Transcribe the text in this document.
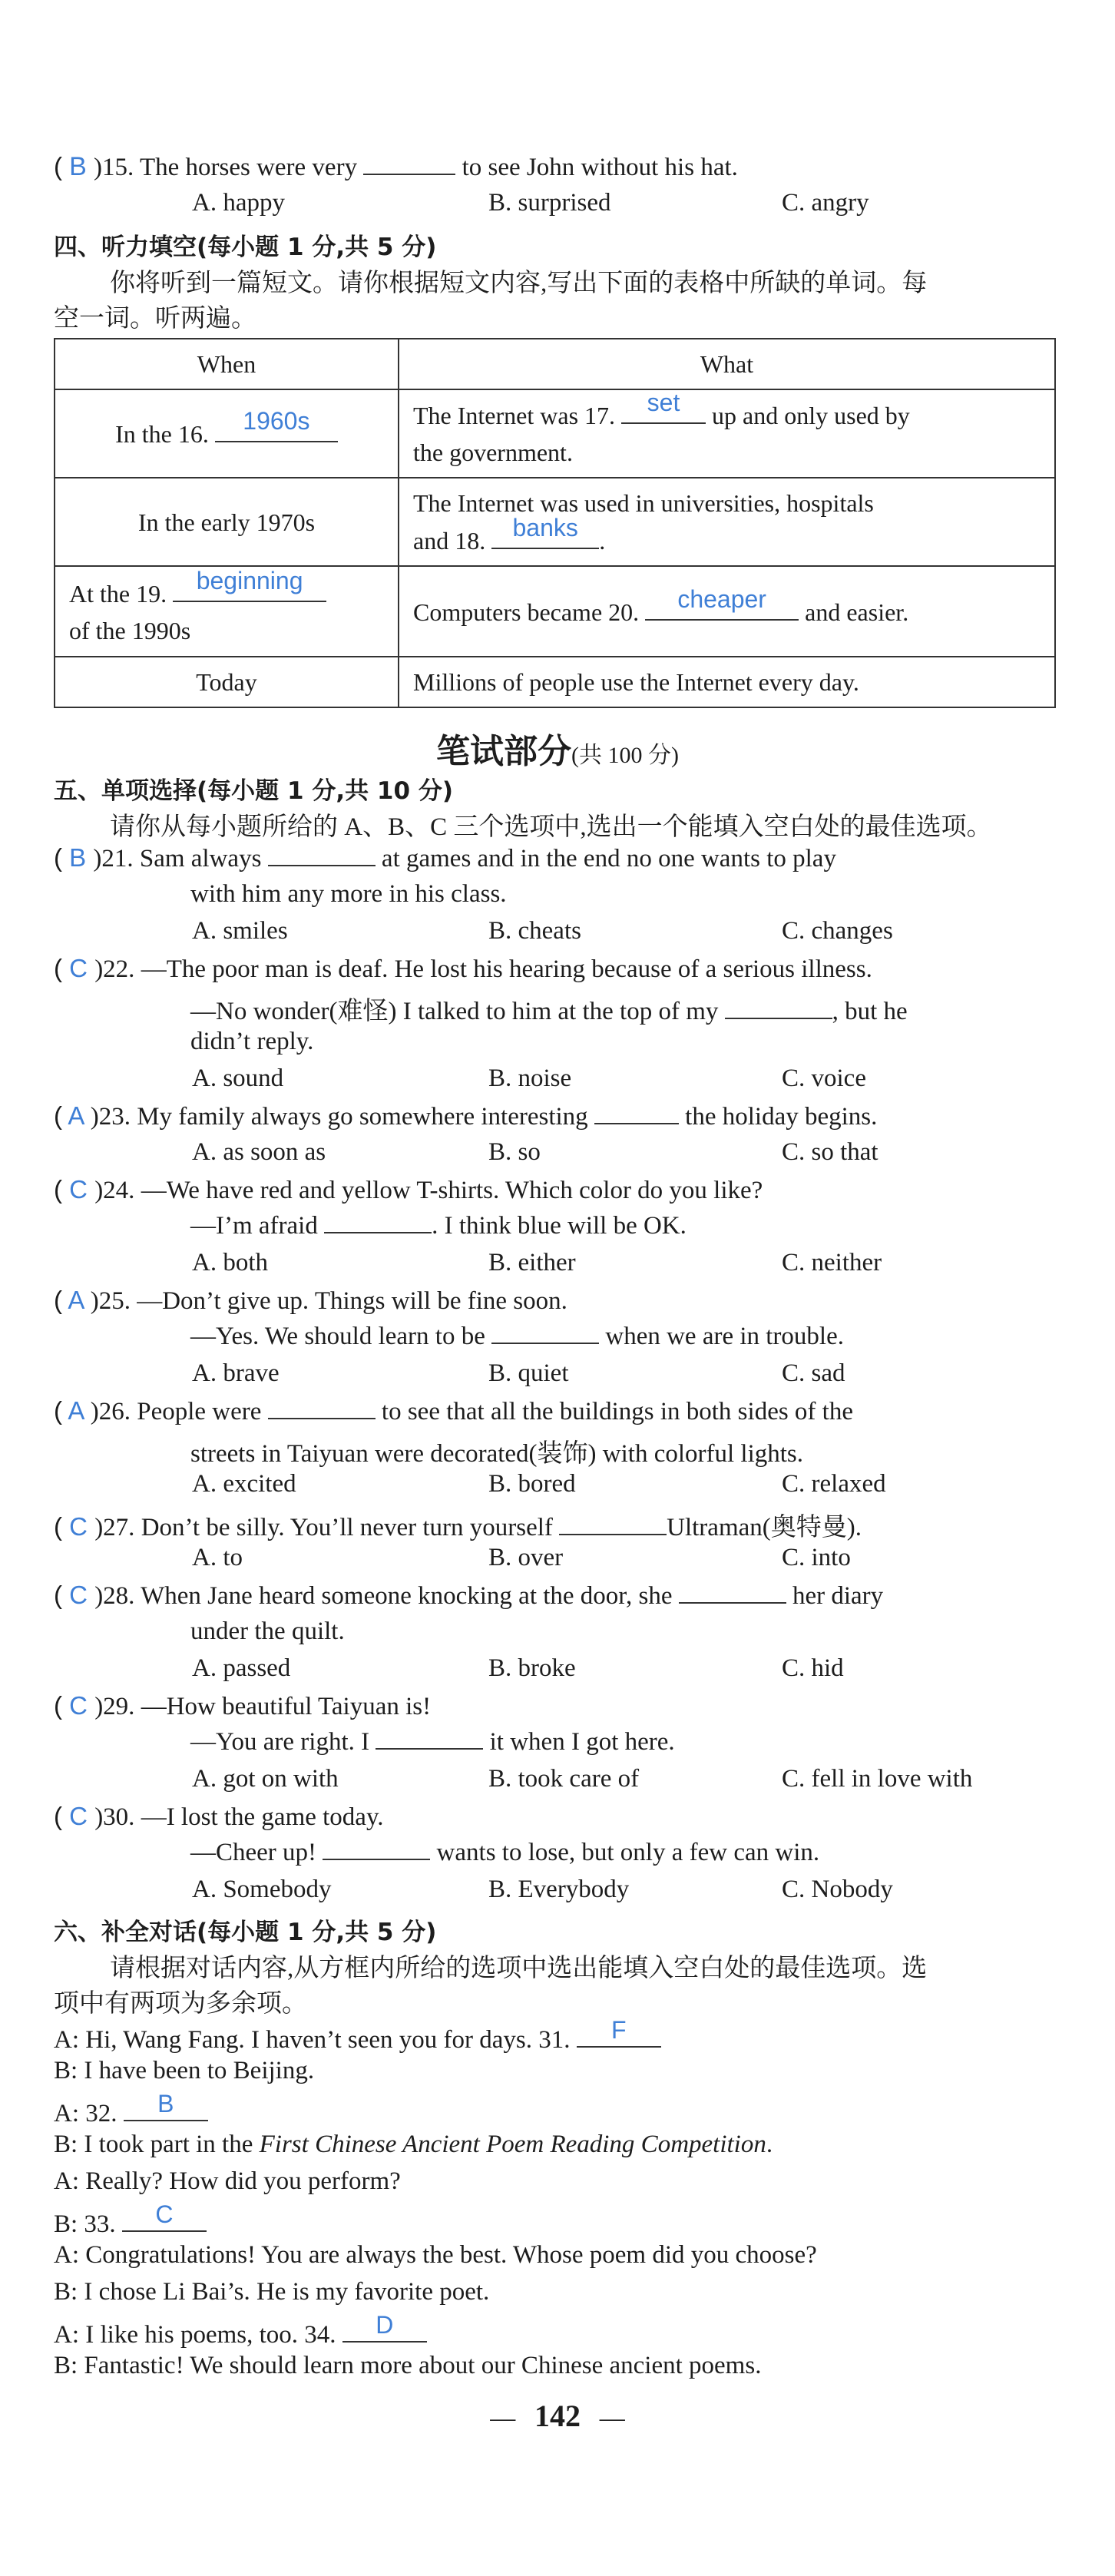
( B )15. The horses were very	to see John without his hat.
A. happy	B. surprised	C. angry
四、听力填空(每小题 1 分,共 5 分)
你将听到一篇短文。请你根据短文内容,写出下面的表格中所缺的单词。每
空一词。听两遍。
When	What
In the 16. 1960s	The Internet was 17. set up and only used by
the government.
In the early 1970s	The Internet was used in universities, hospitals
and 18. banks .
At the 19. beginning

of the 1990s	Computers became 20. cheaper and easier.
Today	Millions of people use the Internet every day.
笔试部分(共 100 分)
五、单项选择(每小题 1 分,共 10 分)
请你从每小题所给的 A、B、C 三个选项中,选出一个能填入空白处的最佳选项。
( B )21. Sam always	at games and in the end no one wants to play
with him any more in his class.
A. smiles	B. cheats	C. changes
( C )22. —The poor man is deaf. He lost his hearing because of a serious illness.
—No wonder(难怪) I talked to him at the top of my	, but he
didn’t reply.
A. sound	B. noise	C. voice
( A )23. My family always go somewhere interesting	the holiday begins.
A. as soon as	B. so	C. so that
( C )24. —We have red and yellow T-shirts. Which color do you like?
—I’m afraid	. I think blue will be OK.
A. both	B. either	C. neither
( A )25. —Don’t give up. Things will be fine soon.
—Yes. We should learn to be	when we are in trouble.
A. brave	B. quiet	C. sad
( A )26. People were	to see that all the buildings in both sides of the
streets in Taiyuan were decorated(装饰) with colorful lights.
A. excited	B. bored	C. relaxed
( C )27. Don’t be silly. You’ll never turn yourself	Ultraman(奥特曼).
A. to	B. over	C. into
( C )28. When Jane heard someone knocking at the door, she	her diary
under the quilt.
A. passed	B. broke	C. hid
( C )29. —How beautiful Taiyuan is!
—You are right. I	it when I got here.
A. got on with	B. took care of	C. fell in love with
( C )30. —I lost the game today.
—Cheer up!	wants to lose, but only a few can win.
A. Somebody	B. Everybody	C. Nobody
六、补全对话(每小题 1 分,共 5 分)
请根据对话内容,从方框内所给的选项中选出能填入空白处的最佳选项。选
项中有两项为多余项。
A: Hi, Wang Fang. I haven’t seen you for days. 31.	F
B: I have been to Beijing.
A: 32.	B
B: I took part in the First Chinese Ancient Poem Reading Competition.
A: Really? How did you perform?
B: 33.	C
A: Congratulations! You are always the best. Whose poem did you choose?
B: I chose Li Bai’s. He is my favorite poet.
A: I like his poems, too. 34.	D
B: Fantastic! We should learn more about our Chinese ancient poems.
— 142 —
